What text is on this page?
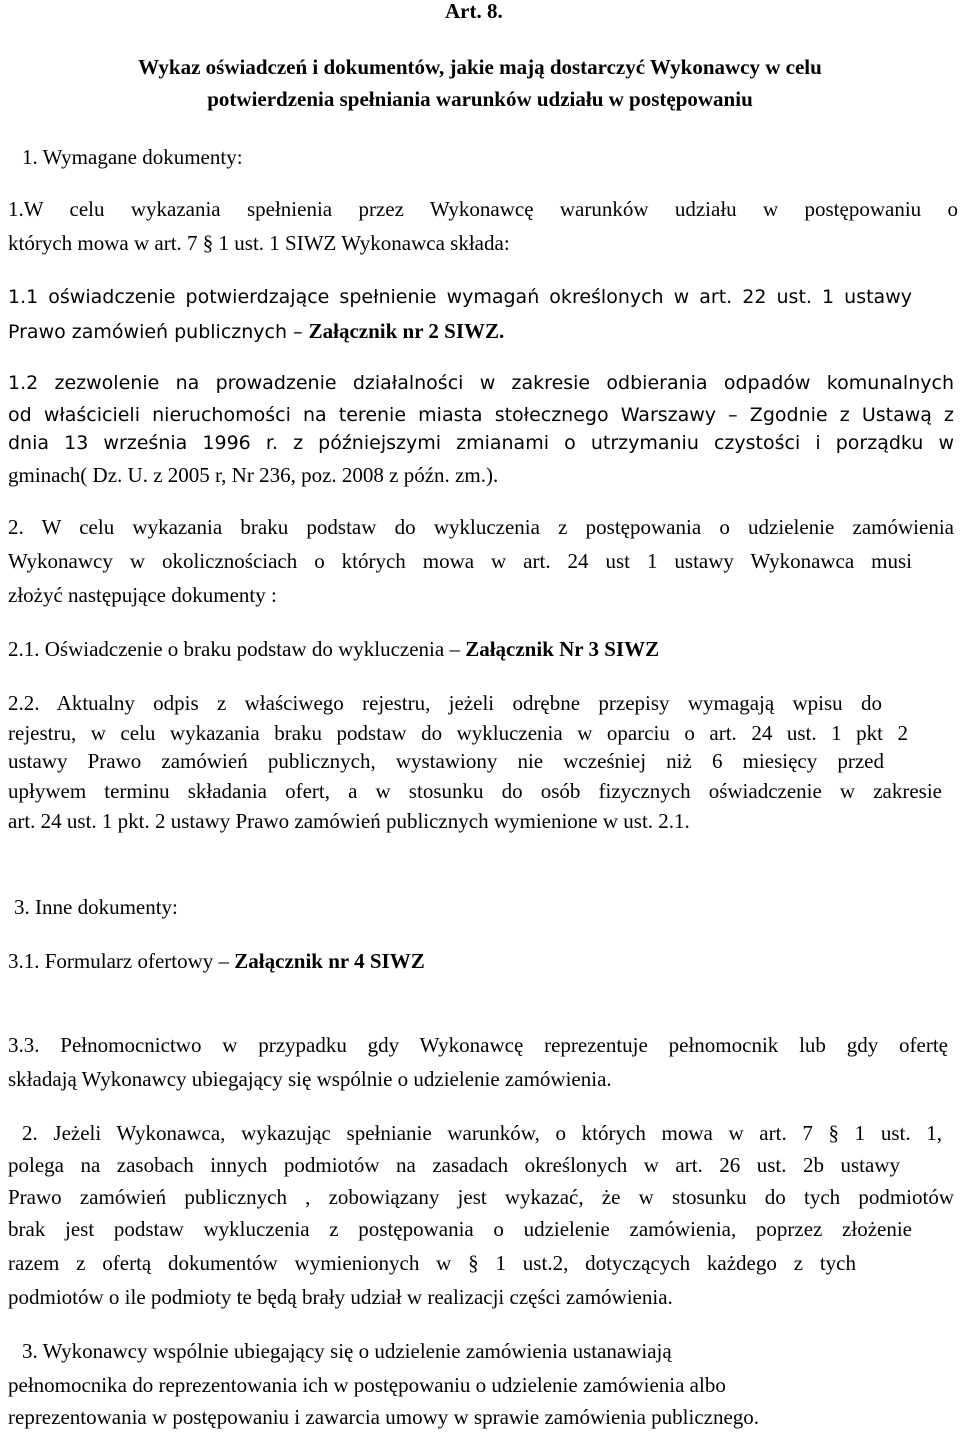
Art. 8.
Wykaz oświadczeń i dokumentów, jakie mają dostarczyć Wykonawcy w celu
potwierdzenia spełniania warunków udziału w postępowaniu
1. Wymagane dokumenty:
1.W celu wykazania spełnienia przez Wykonawcę warunków udziału w postępowaniu o
których mowa w art. 7 § 1 ust. 1 SIWZ Wykonawca składa:
1.1 oświadczenie potwierdzające spełnienie wymagań określonych w art. 22 ust. 1 ustawy
Prawo zamówień publicznych – Załącznik nr 2 SIWZ.
1.2 zezwolenie na prowadzenie działalności w zakresie odbierania odpadów komunalnych
od właścicieli nieruchomości na terenie miasta stołecznego Warszawy – Zgodnie z Ustawą z
dnia 13 września 1996 r. z późniejszymi zmianami o utrzymaniu czystości i porządku w
gminach( Dz. U. z 2005 r, Nr 236, poz. 2008 z późn. zm.).
2. W celu wykazania braku podstaw do wykluczenia z postępowania o udzielenie zamówienia
Wykonawcy w okolicznościach o których mowa w art. 24 ust 1 ustawy Wykonawca musi
złożyć następujące dokumenty :
2.1. Oświadczenie o braku podstaw do wykluczenia – Załącznik Nr 3 SIWZ
2.2. Aktualny odpis z właściwego rejestru, jeżeli odrębne przepisy wymagają wpisu do
rejestru, w celu wykazania braku podstaw do wykluczenia w oparciu o art. 24 ust. 1 pkt 2
ustawy Prawo zamówień publicznych, wystawiony nie wcześniej niż 6 miesięcy przed
upływem terminu składania ofert, a w stosunku do osób fizycznych oświadczenie w zakresie
art. 24 ust. 1 pkt. 2 ustawy Prawo zamówień publicznych wymienione w ust. 2.1.
3. Inne dokumenty:
3.1. Formularz ofertowy – Załącznik nr 4 SIWZ
3.3. Pełnomocnictwo w przypadku gdy Wykonawcę reprezentuje pełnomocnik lub gdy ofertę
składają Wykonawcy ubiegający się wspólnie o udzielenie zamówienia.
2. Jeżeli Wykonawca, wykazując spełnianie warunków, o których mowa w art. 7 § 1 ust. 1,
polega na zasobach innych podmiotów na zasadach określonych w art. 26 ust. 2b ustawy
Prawo zamówień publicznych , zobowiązany jest wykazać, że w stosunku do tych podmiotów
brak jest podstaw wykluczenia z postępowania o udzielenie zamówienia, poprzez złożenie
razem z ofertą dokumentów wymienionych w § 1 ust.2, dotyczących każdego z tych
podmiotów o ile podmioty te będą brały udział w realizacji części zamówienia.
3. Wykonawcy wspólnie ubiegający się o udzielenie zamówienia ustanawiają
pełnomocnika do reprezentowania ich w postępowaniu o udzielenie zamówienia albo
reprezentowania w postępowaniu i zawarcia umowy w sprawie zamówienia publicznego.
